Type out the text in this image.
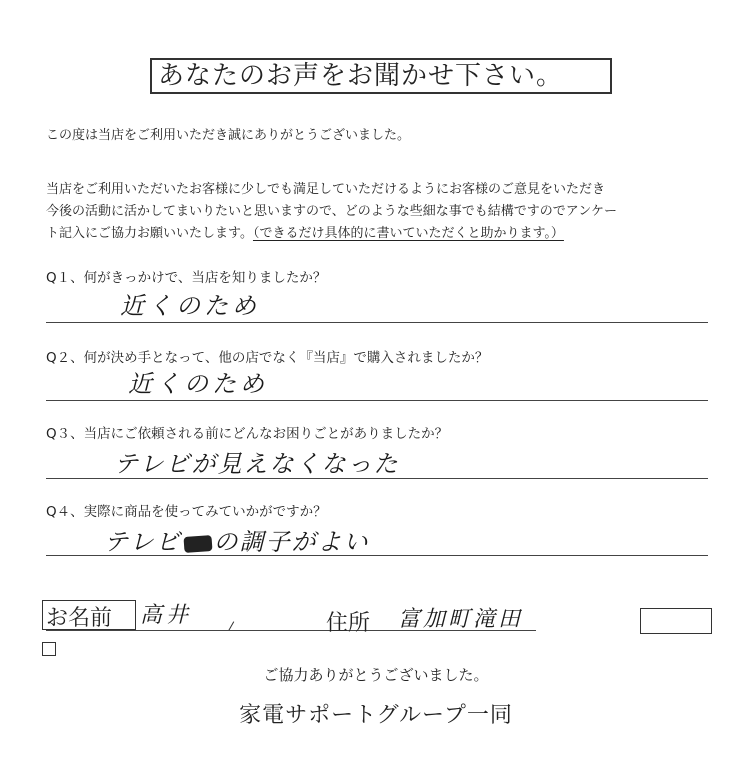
あなたのお声をお聞かせ下さい。
この度は当店をご利用いただき誠にありがとうございました。
当店をご利用いただいたお客様に少しでも満足していただけるようにお客様のご意見をいただき
今後の活動に活かしてまいりたいと思いますので、どのような些細な事でも結構ですのでアンケー
ト記入にご協力お願いいたします。（できるだけ具体的に書いていただくと助かります。）
Q１、何がきっかけで、当店を知りましたか？
近くのため
Q２、何が決め手となって、他の店でなく『当店』で購入されましたか？
近くのため
Q３、当店にご依頼される前にどんなお困りごとがありましたか？
テレビが見えなくなった
Q４、実際に商品を使ってみていかがですか？
テレビ の調子がよい
お名前 高井	住所 富加町滝田
ご協力ありがとうございました。
家電サポートグループ一同
